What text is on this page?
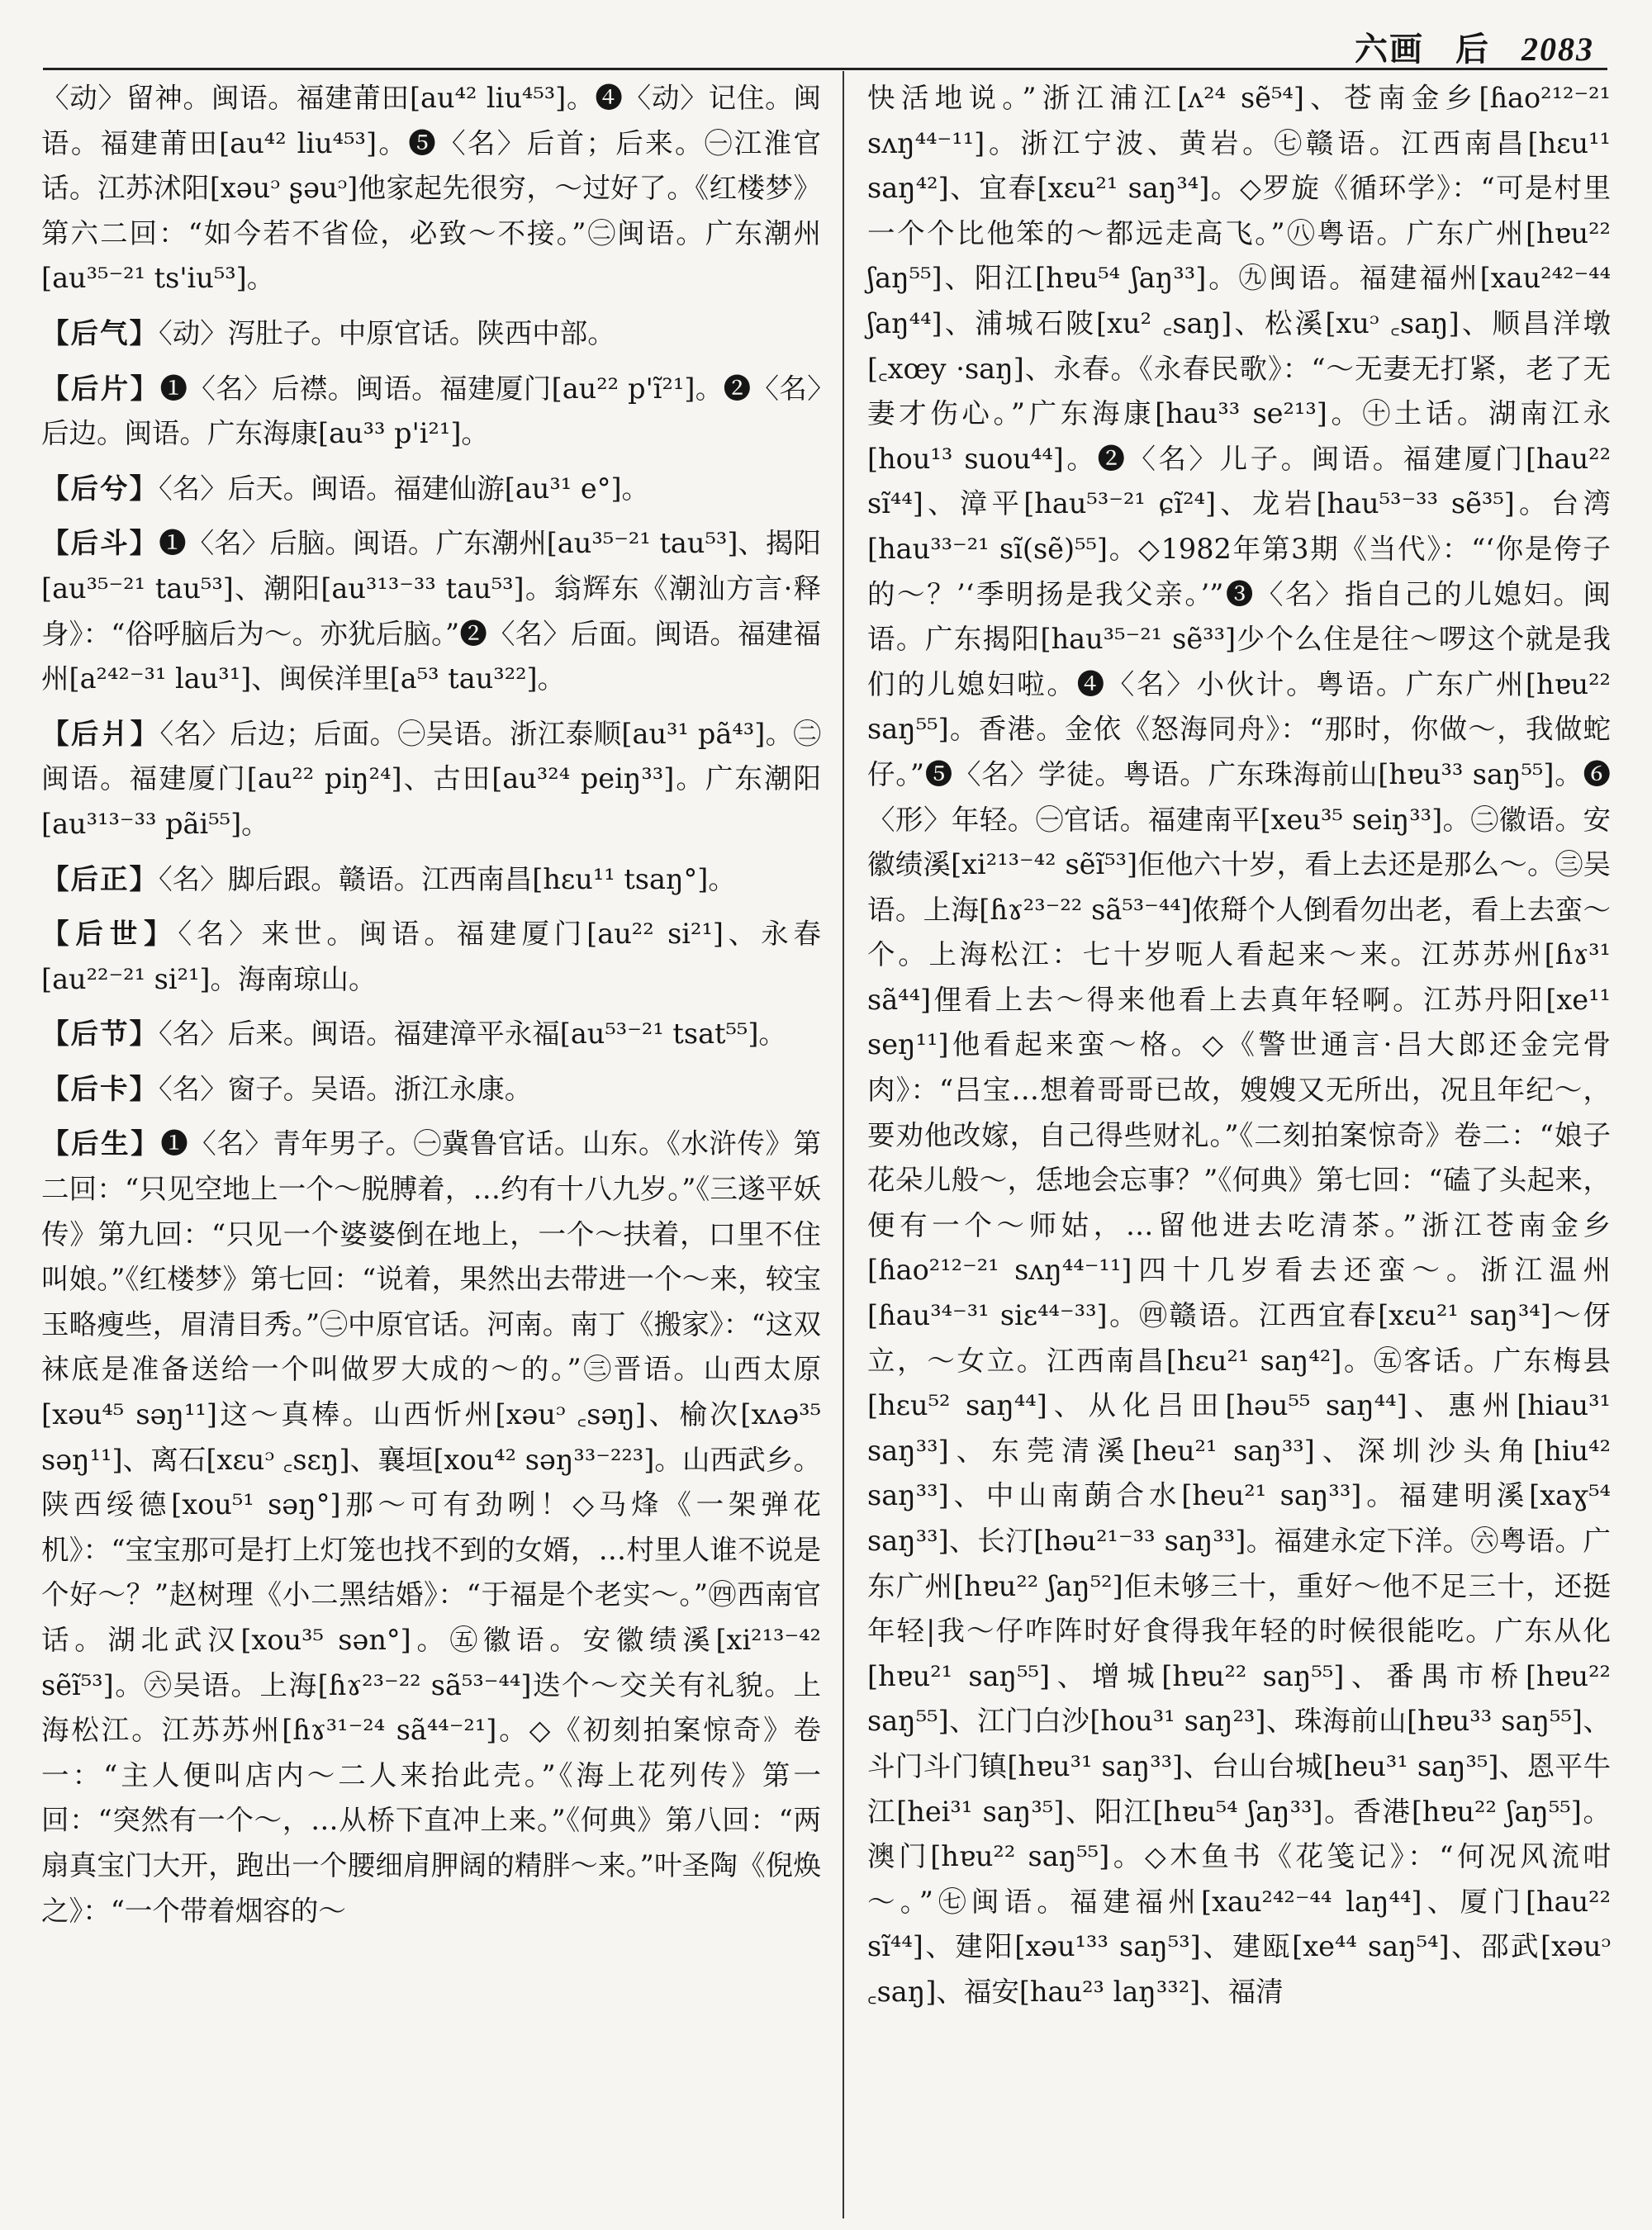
六画 后 2083

〈动〉留神。闽语。福建莆田[au⁴² liu⁴⁵³]。❹〈动〉记住。闽语。福建莆田[au⁴² liu⁴⁵³]。❺〈名〉后首；后来。㊀江淮官话。江苏沭阳[xəuᵓ ʂəuᵓ]他家起先很穷，～过好了。《红楼梦》第六二回：“如今若不省俭，必致～不接。”㊁闽语。广东潮州[au³⁵⁻²¹ ts'iu⁵³]。

【后气】〈动〉泻肚子。中原官话。陕西中部。

【后片】❶〈名〉后襟。闽语。福建厦门[au²² p'ĩ²¹]。❷〈名〉后边。闽语。广东海康[au³³ p'i²¹]。

【后兮】〈名〉后天。闽语。福建仙游[au³¹ e°]。

【后斗】❶〈名〉后脑。闽语。广东潮州[au³⁵⁻²¹ tau⁵³]、揭阳[au³⁵⁻²¹ tau⁵³]、潮阳[au³¹³⁻³³ tau⁵³]。翁辉东《潮汕方言·释身》：“俗呼脑后为～。亦犹后脑。”❷〈名〉后面。闽语。福建福州[a²⁴²⁻³¹ lau³¹]、闽侯洋里[a⁵³ tau³²²]。

【后爿】〈名〉后边；后面。㊀吴语。浙江泰顺[au³¹ pã⁴³]。㊁闽语。福建厦门[au²² piŋ²⁴]、古田[au³²⁴ peiŋ³³]。广东潮阳[au³¹³⁻³³ pãi⁵⁵]。

【后正】〈名〉脚后跟。赣语。江西南昌[hɛu¹¹ tsaŋ°]。

【后世】〈名〉来世。闽语。福建厦门[au²² si²¹]、永春[au²²⁻²¹ si²¹]。海南琼山。

【后节】〈名〉后来。闽语。福建漳平永福[au⁵³⁻²¹ tsat⁵⁵]。

【后卡】〈名〉窗子。吴语。浙江永康。

【后生】❶〈名〉青年男子。㊀冀鲁官话。山东。《水浒传》第二回：“只见空地上一个～脱膊着，…约有十八九岁。”《三遂平妖传》第九回：“只见一个婆婆倒在地上，一个～扶着，口里不住叫娘。”《红楼梦》第七回：“说着，果然出去带进一个～来，较宝玉略瘦些，眉清目秀。”㊁中原官话。河南。南丁《搬家》：“这双袜底是准备送给一个叫做罗大成的～的。”㊂晋语。山西太原[xəu⁴⁵ səŋ¹¹]这～真棒。山西忻州[xəuᵓ ꜀səŋ]、榆次[xʌə³⁵ səŋ¹¹]、离石[xɛuᵓ ꜀sɛŋ]、襄垣[xou⁴² səŋ³³⁻²²³]。山西武乡。陕西绥德[xou⁵¹ səŋ°]那～可有劲咧！◇马烽《一架弹花机》：“宝宝那可是打上灯笼也找不到的女婿，…村里人谁不说是个好～？”赵树理《小二黑结婚》：“于福是个老实～。”㊃西南官话。湖北武汉[xou³⁵ sən°]。㊄徽语。安徽绩溪[xi²¹³⁻⁴² sẽĩ⁵³]。㊅吴语。上海[ɦɤ²³⁻²² sã⁵³⁻⁴⁴]迭个～交关有礼貌。上海松江。江苏苏州[ɦɤ³¹⁻²⁴ sã⁴⁴⁻²¹]。◇《初刻拍案惊奇》卷一：“主人便叫店内～二人来抬此壳。”《海上花列传》第一回：“突然有一个～，…从桥下直冲上来。”《何典》第八回：“两扇真宝门大开，跑出一个腰细肩胛阔的精胖～来。”叶圣陶《倪焕之》：“一个带着烟容的～

快活地说。”浙江浦江[ʌ²⁴ sẽ⁵⁴]、苍南金乡[ɦao²¹²⁻²¹ sʌŋ⁴⁴⁻¹¹]。浙江宁波、黄岩。㊆赣语。江西南昌[hɛu¹¹ saŋ⁴²]、宜春[xɛu²¹ saŋ³⁴]。◇罗旋《循环学》：“可是村里一个个比他笨的～都远走高飞。”㊇粤语。广东广州[hɐu²² ʃaŋ⁵⁵]、阳江[hɐu⁵⁴ ʃaŋ³³]。㊈闽语。福建福州[xau²⁴²⁻⁴⁴ ʃaŋ⁴⁴]、浦城石陂[xu² ꜀saŋ]、松溪[xuᵓ ꜀saŋ]、顺昌洋墩[꜀xœy ·saŋ]、永春。《永春民歌》：“～无妻无打紧，老了无妻才伤心。”广东海康[hau³³ se²¹³]。㊉土话。湖南江永[hou¹³ suou⁴⁴]。❷〈名〉儿子。闽语。福建厦门[hau²² sĩ⁴⁴]、漳平[hau⁵³⁻²¹ ɕĩ²⁴]、龙岩[hau⁵³⁻³³ sẽ³⁵]。台湾[hau³³⁻²¹ sĩ(sẽ)⁵⁵]。◇1982年第3期《当代》：“‘你是侉子的～？’‘季明扬是我父亲。’”❸〈名〉指自己的儿媳妇。闽语。广东揭阳[hau³⁵⁻²¹ sẽ³³]少个么住是往～啰这个就是我们的儿媳妇啦。❹〈名〉小伙计。粤语。广东广州[hɐu²² saŋ⁵⁵]。香港。金依《怒海同舟》：“那时，你做～，我做蛇仔。”❺〈名〉学徒。粤语。广东珠海前山[hɐu³³ saŋ⁵⁵]。❻〈形〉年轻。㊀官话。福建南平[xeu³⁵ seiŋ³³]。㊁徽语。安徽绩溪[xi²¹³⁻⁴² sẽĩ⁵³]佢他六十岁，看上去还是那么～。㊂吴语。上海[ɦɤ²³⁻²² sã⁵³⁻⁴⁴]侬搿个人倒看勿出老，看上去蛮～个。上海松江：七十岁呃人看起来～来。江苏苏州[ɦɤ³¹ sã⁴⁴]俚看上去～得来他看上去真年轻啊。江苏丹阳[xe¹¹ seŋ¹¹]他看起来蛮～格。◇《警世通言·吕大郎还金完骨肉》：“吕宝…想着哥哥已故，嫂嫂又无所出，况且年纪～，要劝他改嫁，自己得些财礼。”《二刻拍案惊奇》卷二：“娘子花朵儿般～，恁地会忘事？”《何典》第七回：“磕了头起来，便有一个～师姑，…留他进去吃清茶。”浙江苍南金乡[ɦao²¹²⁻²¹ sʌŋ⁴⁴⁻¹¹]四十几岁看去还蛮～。浙江温州[ɦau³⁴⁻³¹ siɛ⁴⁴⁻³³]。㊃赣语。江西宜春[xɛu²¹ saŋ³⁴]～伢立，～女立。江西南昌[hɛu²¹ saŋ⁴²]。㊄客话。广东梅县[hɛu⁵² saŋ⁴⁴]、从化吕田[həu⁵⁵ saŋ⁴⁴]、惠州[hiau³¹ saŋ³³]、东莞清溪[heu²¹ saŋ³³]、深圳沙头角[hiu⁴² saŋ³³]、中山南蓢合水[heu²¹ saŋ³³]。福建明溪[xaɣ⁵⁴ saŋ³³]、长汀[həu²¹⁻³³ saŋ³³]。福建永定下洋。㊅粤语。广东广州[hɐu²² ʃaŋ⁵²]佢未够三十，重好～他不足三十，还挺年轻|我～仔咋阵时好食得我年轻的时候很能吃。广东从化[hɐu²¹ saŋ⁵⁵]、增城[hɐu²² saŋ⁵⁵]、番禺市桥[hɐu²² saŋ⁵⁵]、江门白沙[hou³¹ saŋ²³]、珠海前山[hɐu³³ saŋ⁵⁵]、斗门斗门镇[hɐu³¹ saŋ³³]、台山台城[heu³¹ saŋ³⁵]、恩平牛江[hei³¹ saŋ³⁵]、阳江[hɐu⁵⁴ ʃaŋ³³]。香港[hɐu²² ʃaŋ⁵⁵]。澳门[hɐu²² saŋ⁵⁵]。◇木鱼书《花笺记》：“何况风流咁～。”㊆闽语。福建福州[xau²⁴²⁻⁴⁴ laŋ⁴⁴]、厦门[hau²² sĩ⁴⁴]、建阳[xəu¹³³ saŋ⁵³]、建瓯[xe⁴⁴ saŋ⁵⁴]、邵武[xəuᵓ ꜀saŋ]、福安[hau²³ laŋ³³²]、福清
